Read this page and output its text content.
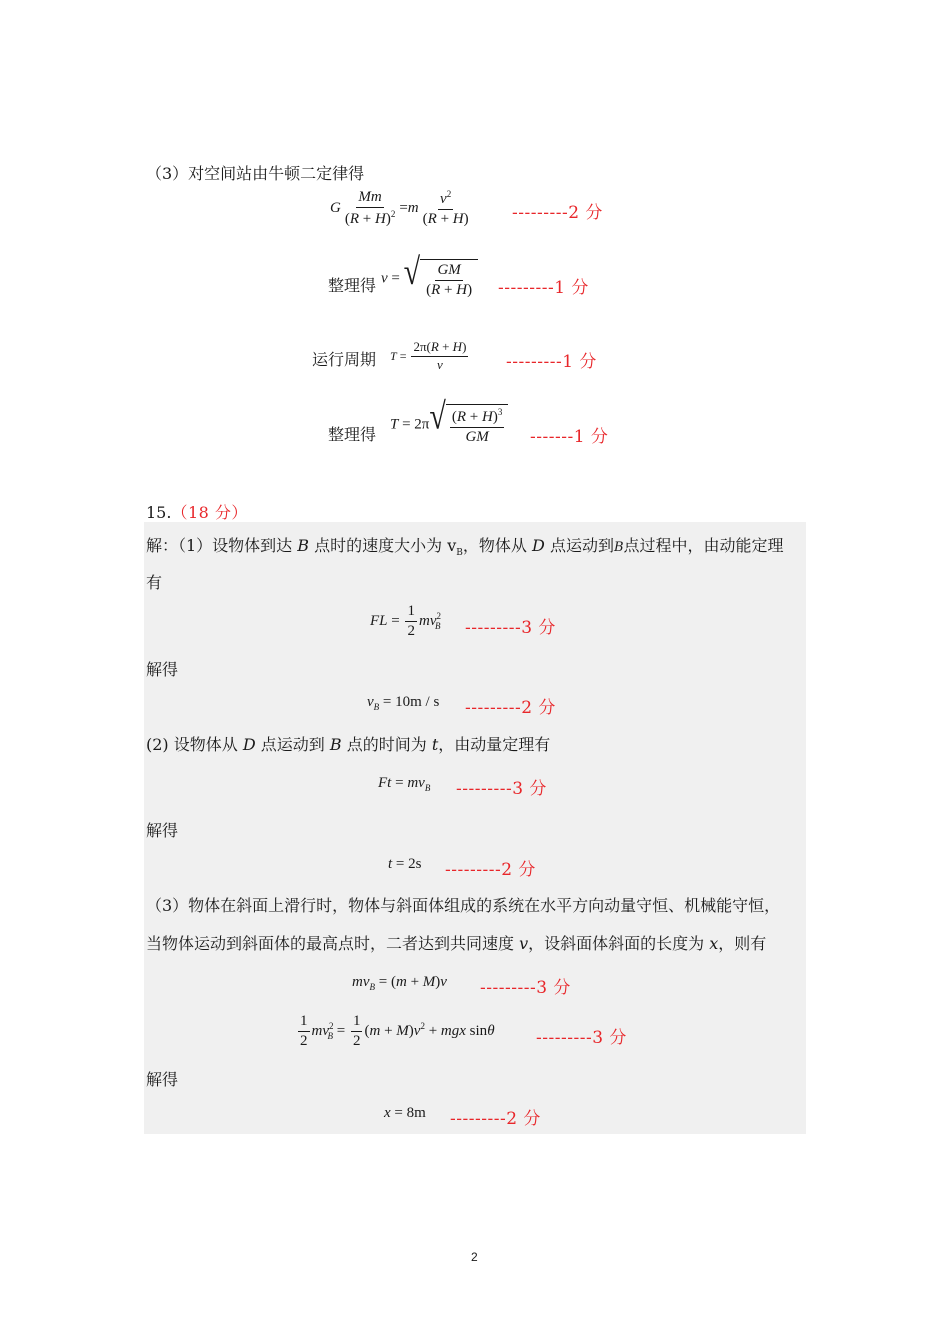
（3）对空间站由牛顿二定律得
G $\frac{Mm}{(R + H)^2} =m \frac{v^2}{(R + H)} ---------2$ 分
整理得 v = √ $\frac{GM}{(R + H)} ---------1$ 分
运行周期 $T = \frac{2\pi(R + H)}{v} ---------1$ 分
整理得
T = 2π √ $\frac{(R + H)^3}{GM} -------1$ 分
15.（18 分）
解：（1）设物体到达 B 点时的速度大小为 $v_B$，物体从 D 点运动到B点过程中，由动能定理
有
FL = $\frac{1}{2} mv^2_B$ ---------3 分
解得
$v_B = 10m / s$ ---------2 分
(2) 设物体从 D 点运动到 B 点的时间为 t，由动量定理有
$Ft = mv_B$ ---------3 分
解得
t = 2s ---------2 分
（3）物体在斜面上滑行时，物体与斜面体组成的系统在水平方向动量守恒、机械能守恒，
当物体运动到斜面体的最高点时，二者达到共同速度 v，设斜面体斜面的长度为 x，则有
$mv_B = (m + M)v$ ---------3 分
$\frac{1}{2} mv^2_B = \frac{1}{2} (m + M)v^2$ + mgx sinθ ---------3 分
解得
x = 8m ---------2 分
2
